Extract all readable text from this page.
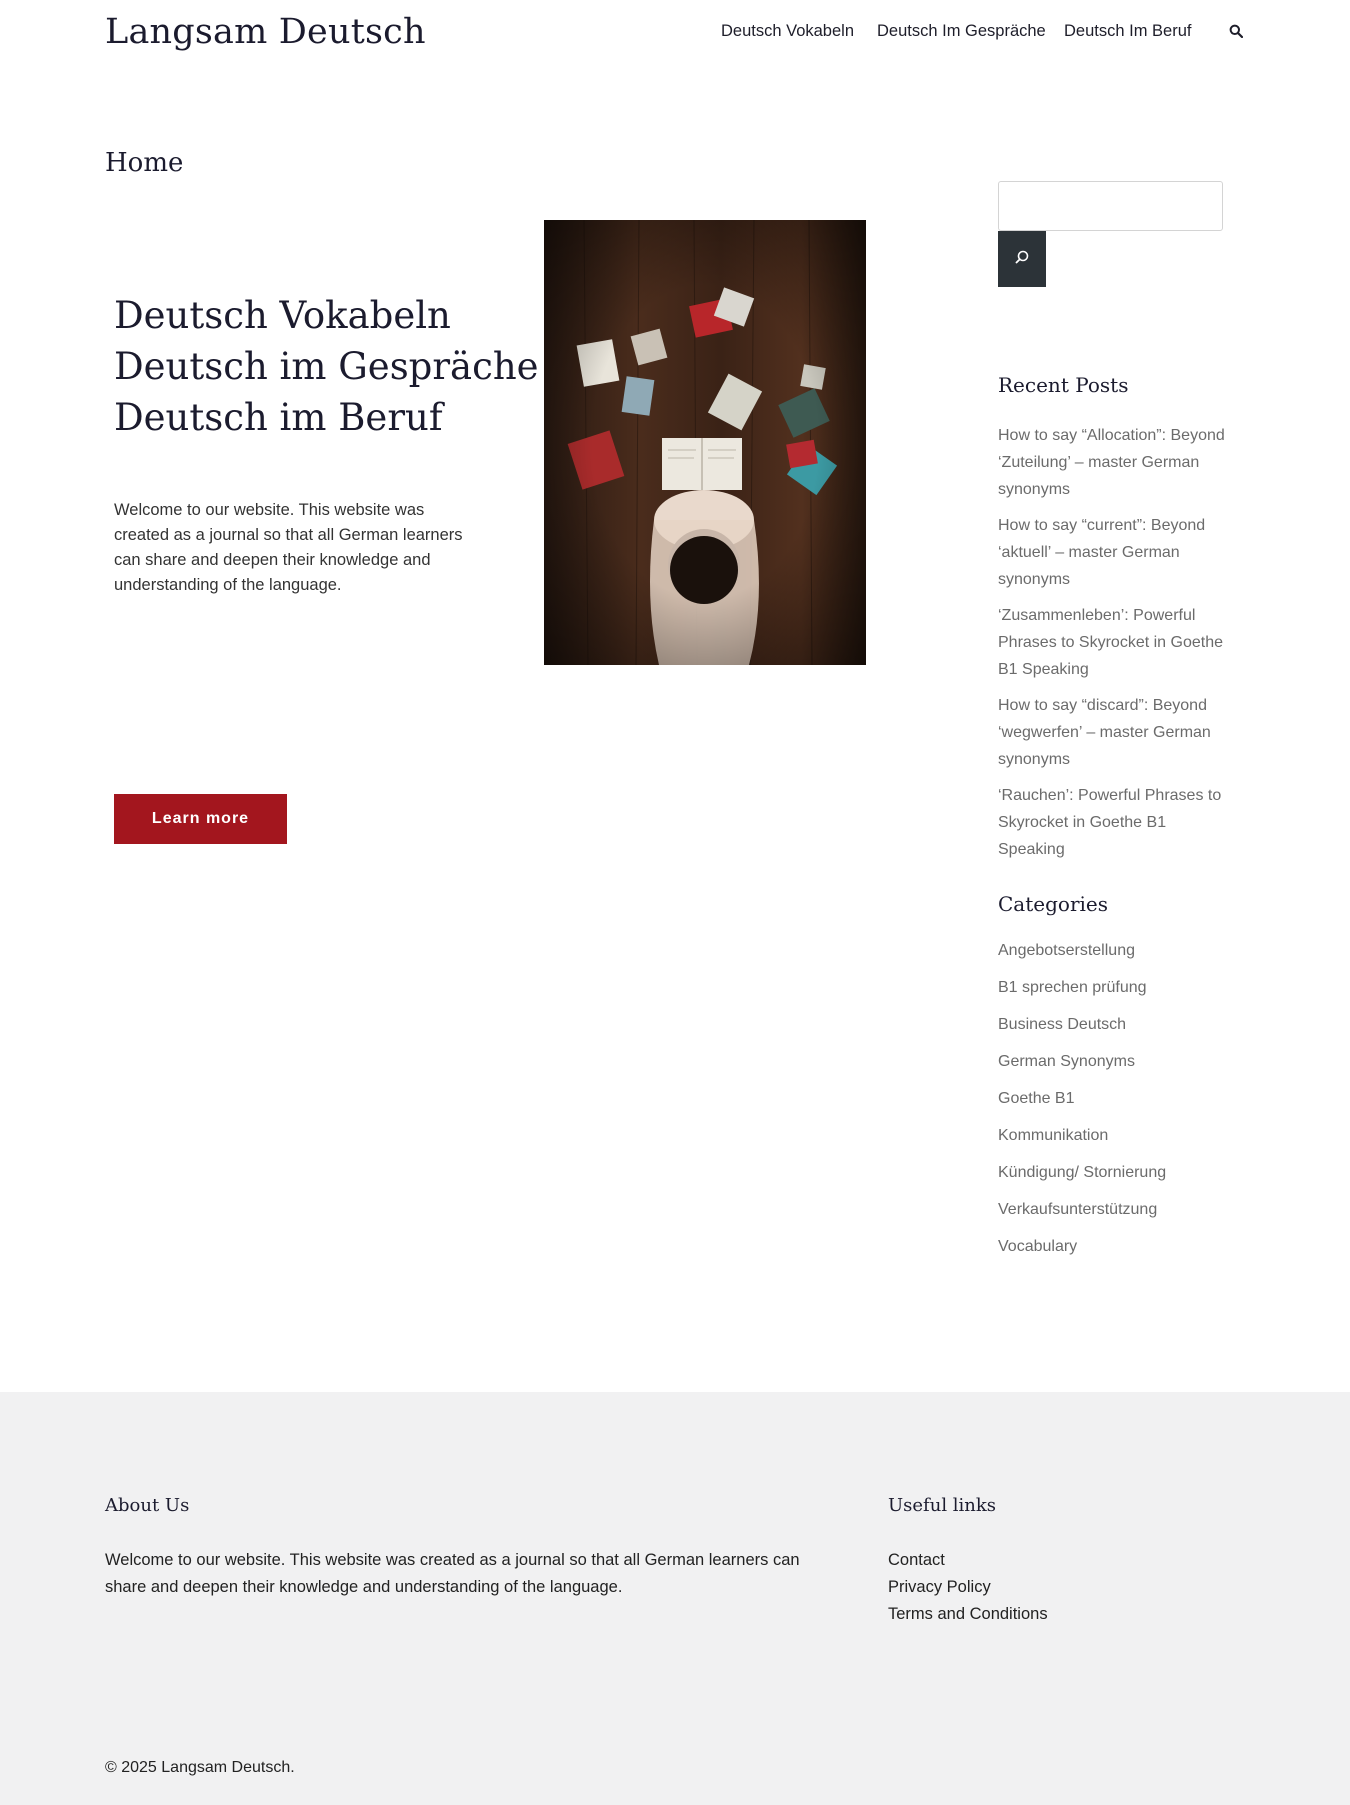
Langsam Deutsch	Deutsch Vokabeln Deutsch Im Gespräche Deutsch Im Beruf
Home
Deutsch Vokabeln
Deutsch im Gespräche
Deutsch im Beruf

Welcome to our website. This website was created as a journal so that all German learners can share and deepen their knowledge and understanding of the language.

Learn more
Recent Posts
How to say “Allocation”: Beyond ‘Zuteilung’ – master German synonyms
How to say “current”: Beyond ‘aktuell’ – master German synonyms
‘Zusammenleben’: Powerful Phrases to Skyrocket in Goethe B1 Speaking
How to say “discard”: Beyond ‘wegwerfen’ – master German synonyms
‘Rauchen’: Powerful Phrases to Skyrocket in Goethe B1 Speaking
Categories
Angebotserstellung
B1 sprechen prüfung
Business Deutsch
German Synonyms
Goethe B1
Kommunikation
Kündigung/ Stornierung
Verkaufsunterstützung
Vocabulary
About Us

Welcome to our website. This website was created as a journal so that all German learners can share and deepen their knowledge and understanding of the language.

Useful links
Contact
Privacy Policy
Terms and Conditions

© 2025 Langsam Deutsch.
